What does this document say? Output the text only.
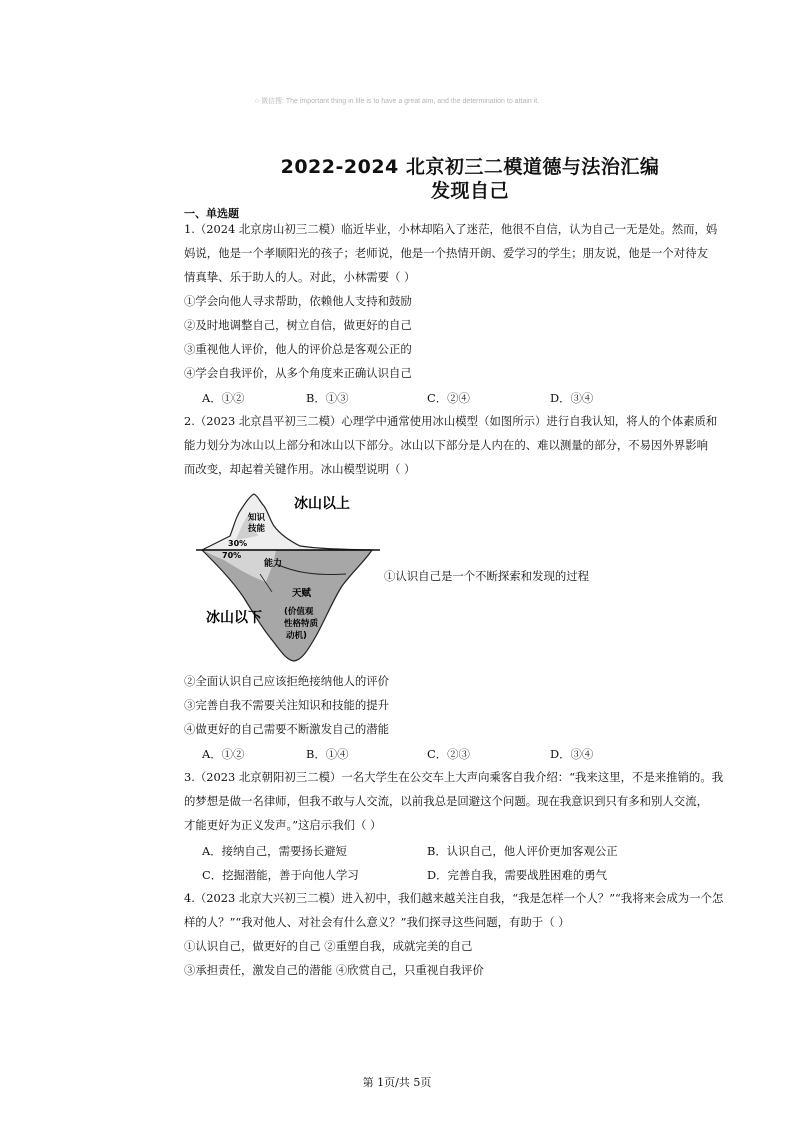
○ 微信搜: The important thing in life is to have a great aim, and the determination to attain it.
2022-2024 北京初三二模道德与法治汇编
发现自己
一、单选题
1.（2024 北京房山初三二模）临近毕业，小林却陷入了迷茫，他很不自信，认为自己一无是处。然而，妈
妈说，他是一个孝顺阳光的孩子；老师说，他是一个热情开朗、爱学习的学生；朋友说，他是一个对待友
情真挚、乐于助人的人。对此，小林需要（ ）
①学会向他人寻求帮助，依赖他人支持和鼓励
②及时地调整自己，树立自信，做更好的自己
③重视他人评价，他人的评价总是客观公正的
④学会自我评价，从多个角度来正确认识自己
A．①②	B．①③	C．②④	D．③④
2.（2023 北京昌平初三二模）心理学中通常使用冰山模型（如图所示）进行自我认知，将人的个体素质和
能力划分为冰山以上部分和冰山以下部分。冰山以下部分是人内在的、难以测量的部分，不易因外界影响
而改变，却起着关键作用。冰山模型说明（ ）
冰山以上
知识
技能
30%
70%
能力
天赋
(价值观
性格特质
动机)
冰山以下
①认识自己是一个不断探索和发现的过程
②全面认识自己应该拒绝接纳他人的评价
③完善自我不需要关注知识和技能的提升
④做更好的自己需要不断激发自己的潜能
A．①②	B．①④	C．②③	D．③④
3.（2023 北京朝阳初三二模）一名大学生在公交车上大声向乘客自我介绍：“我来这里，不是来推销的。我
的梦想是做一名律师，但我不敢与人交流，以前我总是回避这个问题。现在我意识到只有多和别人交流，
才能更好为正义发声。”这启示我们（ ）
A．接纳自己，需要扬长避短	B．认识自己，他人评价更加客观公正
C．挖掘潜能，善于向他人学习	D．完善自我，需要战胜困难的勇气
4.（2023 北京大兴初三二模）进入初中，我们越来越关注自我，“我是怎样一个人？”“我将来会成为一个怎
样的人？”“我对他人、对社会有什么意义？”我们探寻这些问题，有助于（ ）
①认识自己，做更好的自己 ②重塑自我，成就完美的自己
③承担责任，激发自己的潜能 ④欣赏自己，只重视自我评价
第 1页/共 5页
